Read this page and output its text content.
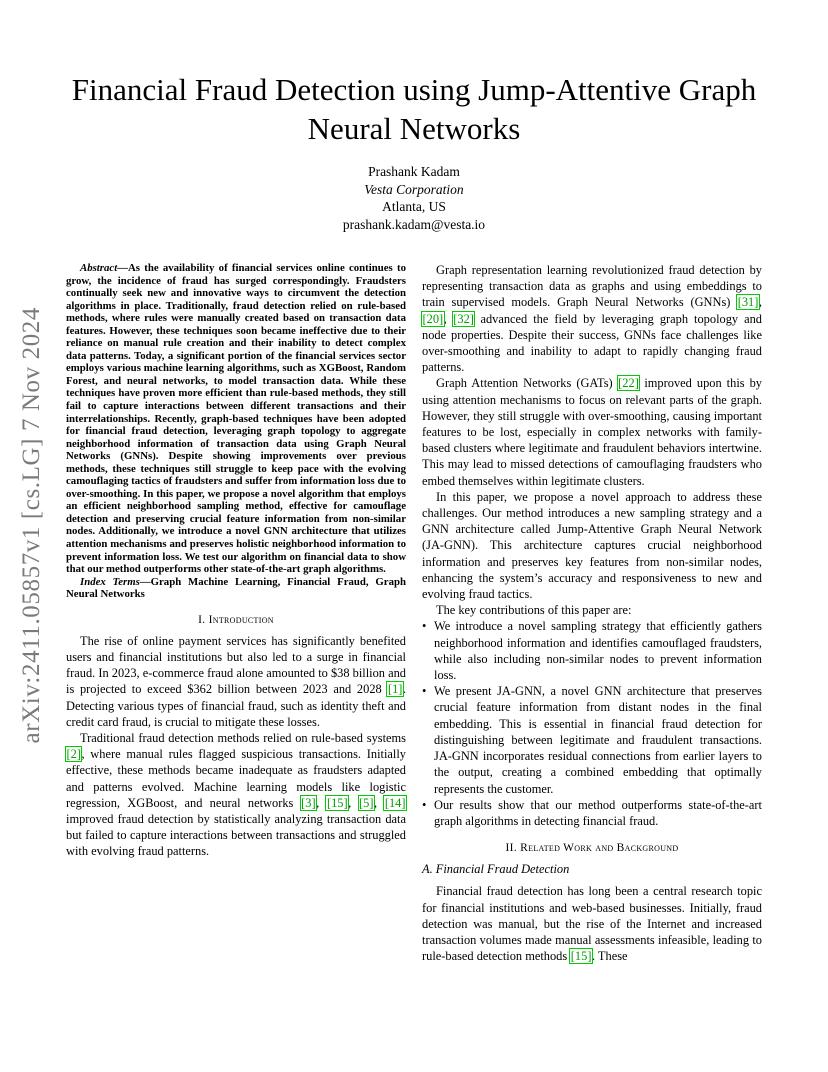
arXiv:2411.05857v1 [cs.LG] 7 Nov 2024
Financial Fraud Detection using Jump-Attentive Graph Neural Networks
Prashank Kadam
Vesta Corporation
Atlanta, US
prashank.kadam@vesta.io

Abstract—As the availability of financial services online continues to grow, the incidence of fraud has surged correspondingly. Fraudsters continually seek new and innovative ways to circumvent the detection algorithms in place. Traditionally, fraud detection relied on rule-based methods, where rules were manually created based on transaction data features. However, these techniques soon became ineffective due to their reliance on manual rule creation and their inability to detect complex data patterns. Today, a significant portion of the financial services sector employs various machine learning algorithms, such as XGBoost, Random Forest, and neural networks, to model transaction data. While these techniques have proven more efficient than rule-based methods, they still fail to capture interactions between different transactions and their interrelationships. Recently, graph-based techniques have been adopted for financial fraud detection, leveraging graph topology to aggregate neighborhood information of transaction data using Graph Neural Networks (GNNs). Despite showing improvements over previous methods, these techniques still struggle to keep pace with the evolving camouflaging tactics of fraudsters and suffer from information loss due to over-smoothing. In this paper, we propose a novel algorithm that employs an efficient neighborhood sampling method, effective for camouflage detection and preserving crucial feature information from non-similar nodes. Additionally, we introduce a novel GNN architecture that utilizes attention mechanisms and preserves holistic neighborhood information to prevent information loss. We test our algorithm on financial data to show that our method outperforms other state-of-the-art graph algorithms.

Index Terms—Graph Machine Learning, Financial Fraud, Graph Neural Networks

I. Introduction

The rise of online payment services has significantly benefited users and financial institutions but also led to a surge in financial fraud. In 2023, e-commerce fraud alone amounted to $38 billion and is projected to exceed $362 billion between 2023 and 2028 [1]. Detecting various types of financial fraud, such as identity theft and credit card fraud, is crucial to mitigate these losses.

Traditional fraud detection methods relied on rule-based systems [2], where manual rules flagged suspicious transactions. Initially effective, these methods became inadequate as fraudsters adapted and patterns evolved. Machine learning models like logistic regression, XGBoost, and neural networks [3], [15], [5], [14] improved fraud detection by statistically analyzing transaction data but failed to capture interactions between transactions and struggled with evolving fraud patterns.

Graph representation learning revolutionized fraud detection by representing transaction data as graphs and using embeddings to train supervised models. Graph Neural Networks (GNNs) [31], [20], [32] advanced the field by leveraging graph topology and node properties. Despite their success, GNNs face challenges like over-smoothing and inability to adapt to rapidly changing fraud patterns.

Graph Attention Networks (GATs) [22] improved upon this by using attention mechanisms to focus on relevant parts of the graph. However, they still struggle with over-smoothing, causing important features to be lost, especially in complex networks with family-based clusters where legitimate and fraudulent behaviors intertwine. This may lead to missed detections of camouflaging fraudsters who embed themselves within legitimate clusters.

In this paper, we propose a novel approach to address these challenges. Our method introduces a new sampling strategy and a GNN architecture called Jump-Attentive Graph Neural Network (JA-GNN). This architecture captures crucial neighborhood information and preserves key features from non-similar nodes, enhancing the system’s accuracy and responsiveness to new and evolving fraud tactics.

The key contributions of this paper are:

• We introduce a novel sampling strategy that efficiently gathers neighborhood information and identifies camouflaged fraudsters, while also including non-similar nodes to prevent information loss.
• We present JA-GNN, a novel GNN architecture that preserves crucial feature information from distant nodes in the final embedding. This is essential in financial fraud detection for distinguishing between legitimate and fraudulent transactions. JA-GNN incorporates residual connections from earlier layers to the output, creating a combined embedding that optimally represents the customer.
• Our results show that our method outperforms state-of-the-art graph algorithms in detecting financial fraud.
II. Related Work and Background
A. Financial Fraud Detection

Financial fraud detection has long been a central research topic for financial institutions and web-based businesses. Initially, fraud detection was manual, but the rise of the Internet and increased transaction volumes made manual assessments infeasible, leading to rule-based detection methods [15]. These
